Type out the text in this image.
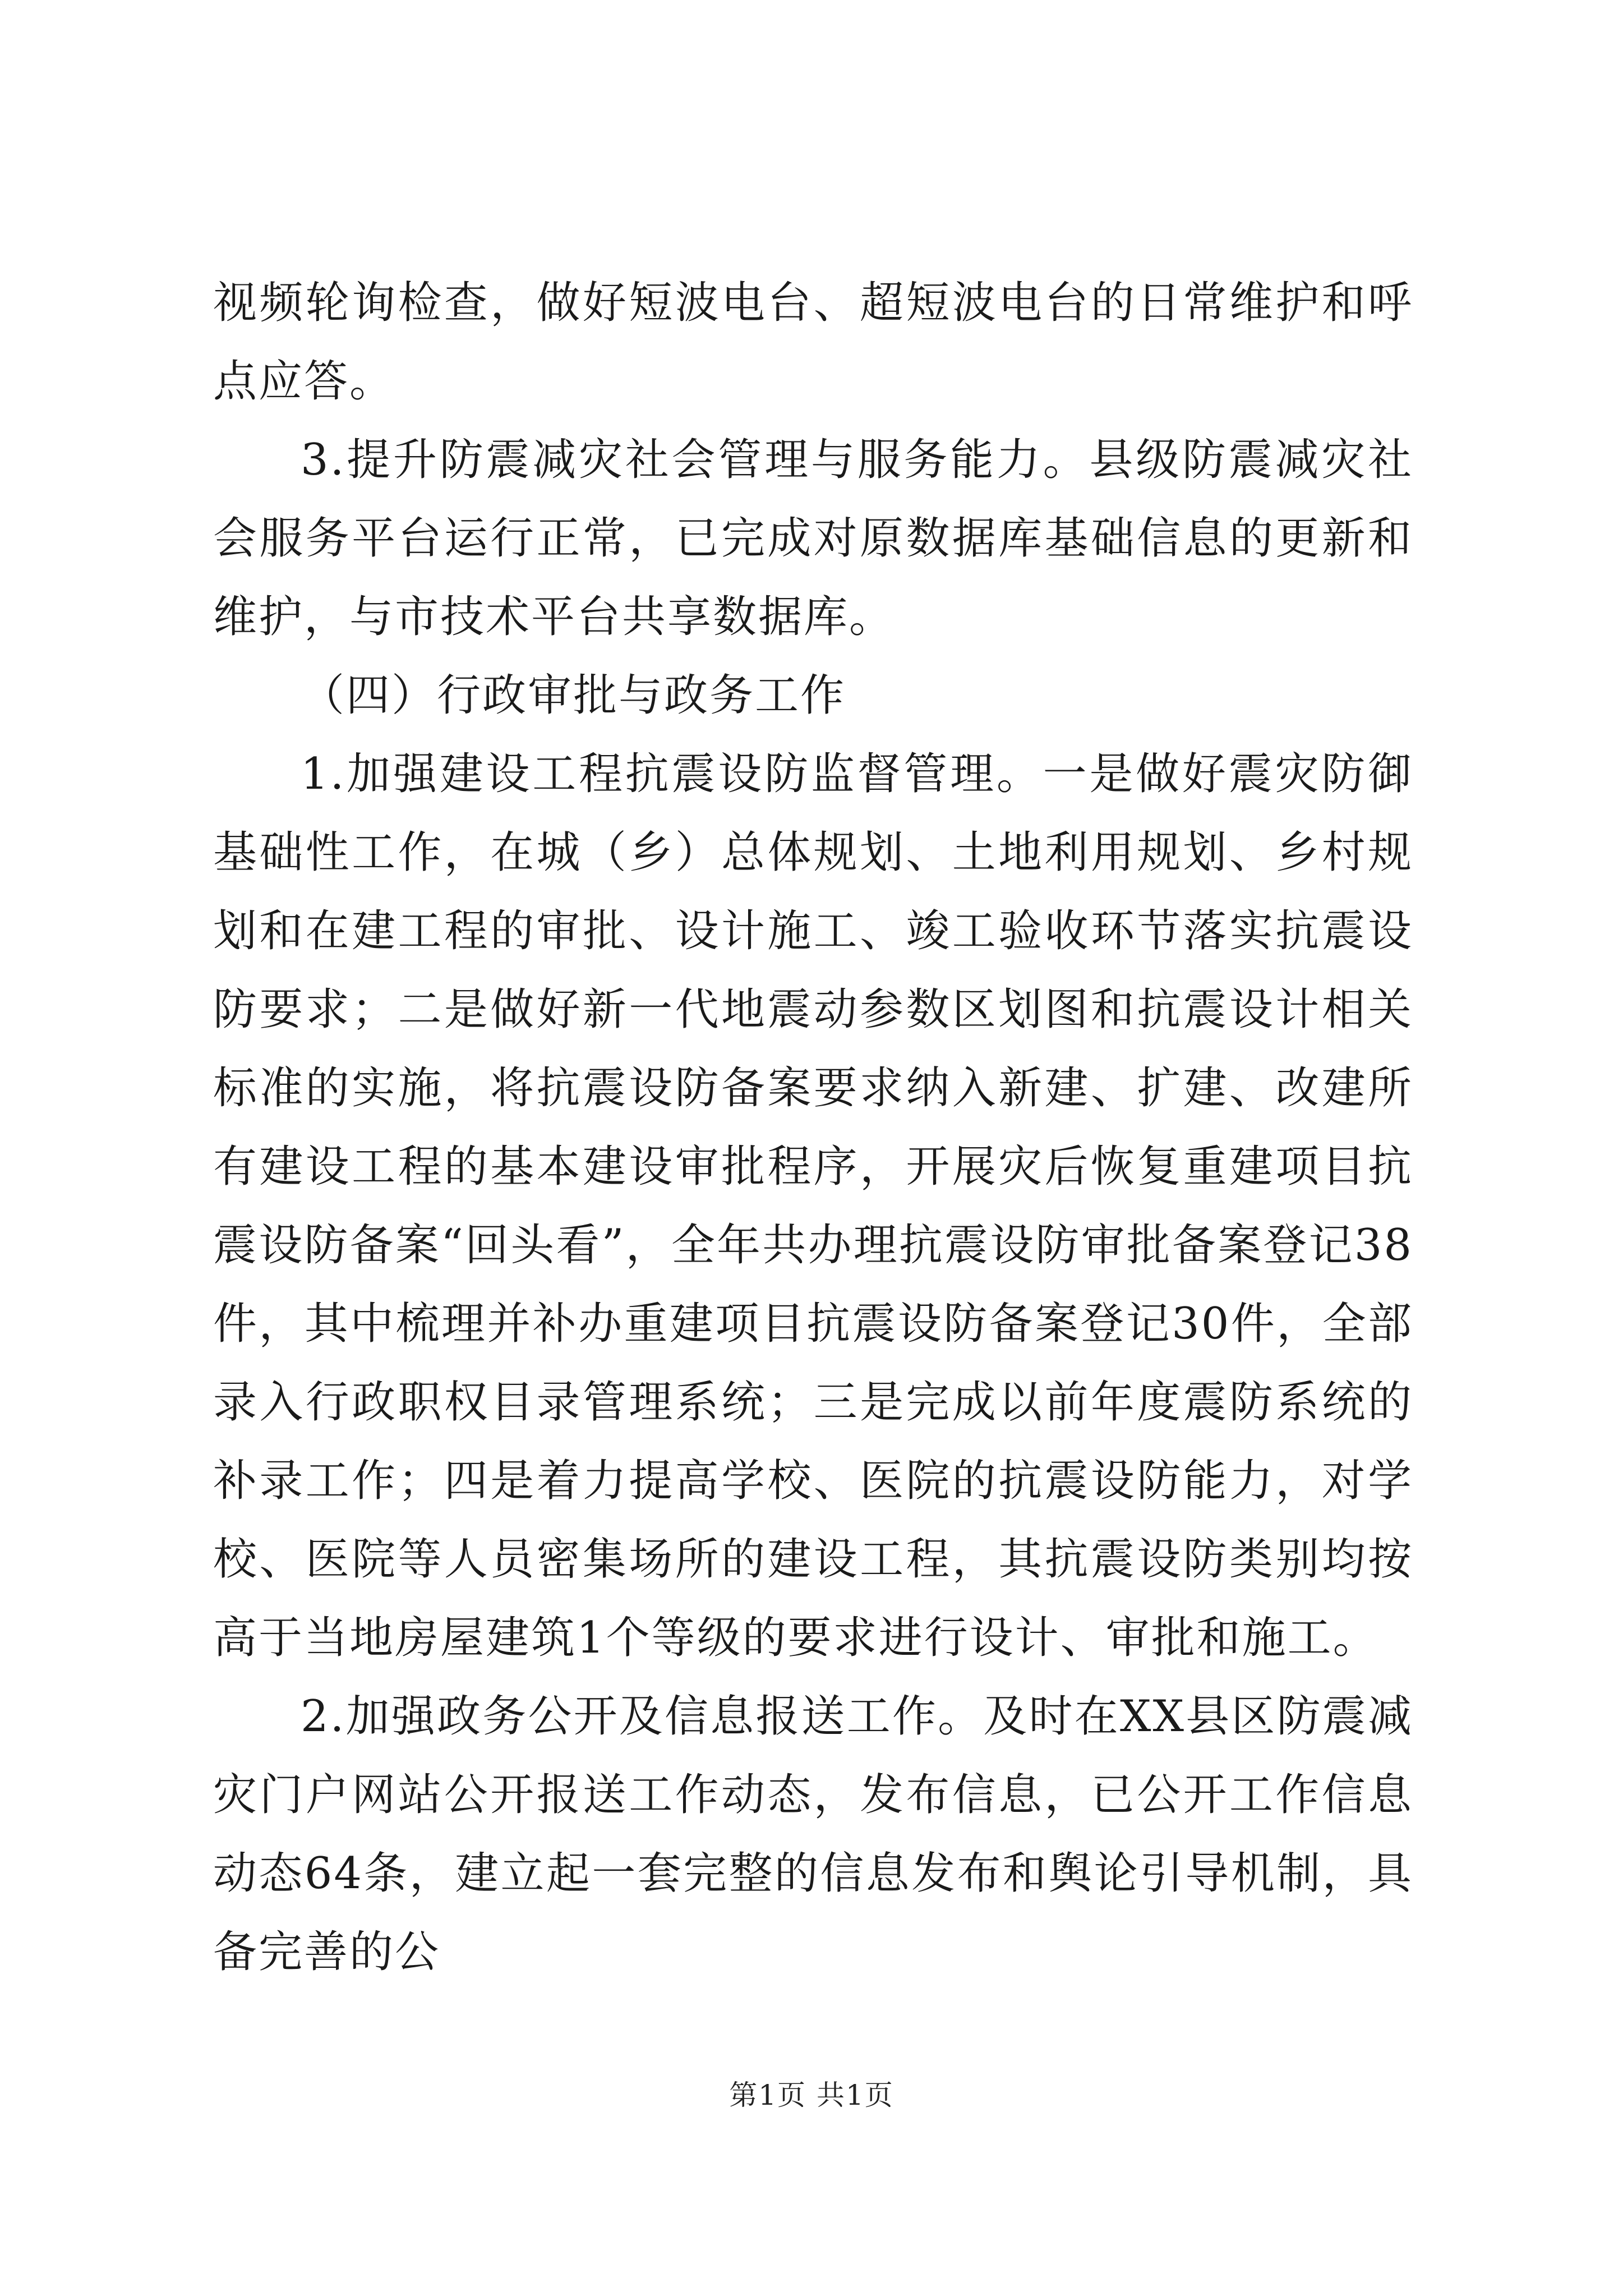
视频轮询检查，做好短波电台、超短波电台的日常维护和呼点应答。

3.提升防震减灾社会管理与服务能力。县级防震减灾社会服务平台运行正常，已完成对原数据库基础信息的更新和维护，与市技术平台共享数据库。

（四）行政审批与政务工作

1.加强建设工程抗震设防监督管理。一是做好震灾防御基础性工作，在城（乡）总体规划、土地利用规划、乡村规划和在建工程的审批、设计施工、竣工验收环节落实抗震设防要求；二是做好新一代地震动参数区划图和抗震设计相关标准的实施，将抗震设防备案要求纳入新建、扩建、改建所有建设工程的基本建设审批程序，开展灾后恢复重建项目抗震设防备案“回头看”，全年共办理抗震设防审批备案登记38件，其中梳理并补办重建项目抗震设防备案登记30件，全部录入行政职权目录管理系统；三是完成以前年度震防系统的补录工作；四是着力提高学校、医院的抗震设防能力，对学校、医院等人员密集场所的建设工程，其抗震设防类别均按高于当地房屋建筑1个等级的要求进行设计、审批和施工。

2.加强政务公开及信息报送工作。及时在XX县区防震减灾门户网站公开报送工作动态，发布信息，已公开工作信息动态64条，建立起一套完整的信息发布和舆论引导机制，具备完善的公

第1页 共1页
